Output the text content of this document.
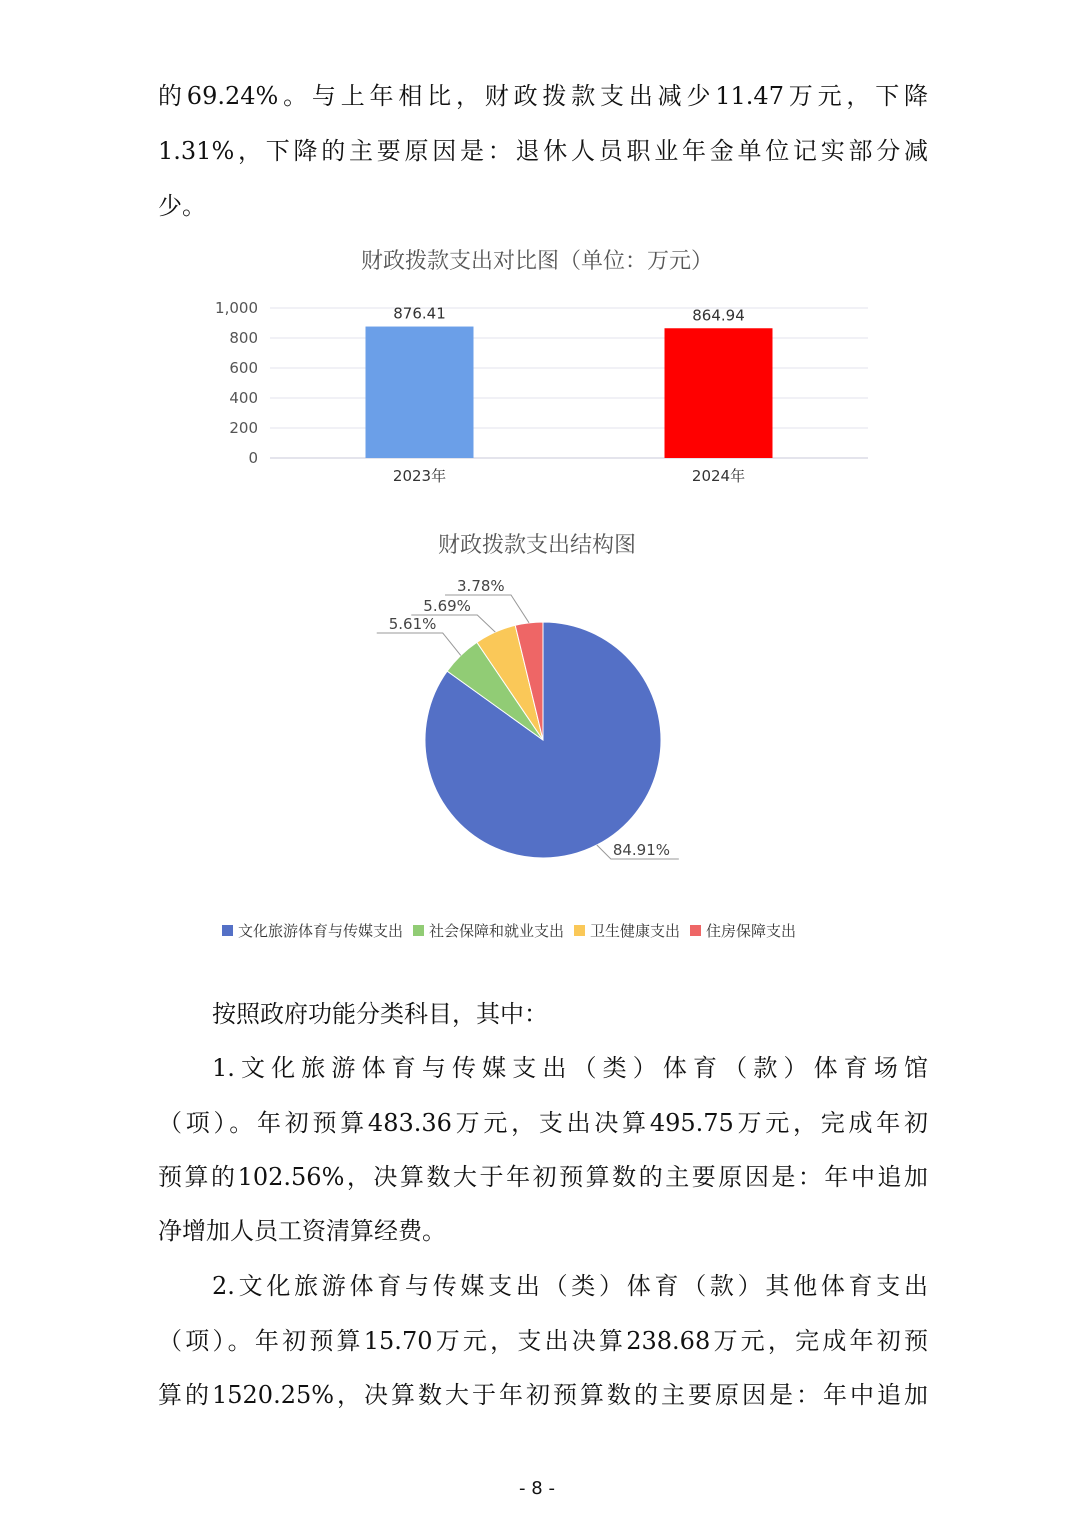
的69.24%。与上年相比，财政拨款支出减少11.47万元，下降
1.31%，下降的主要原因是：退休人员职业年金单位记实部分减
少。
财政拨款支出对比图（单位：万元）
0
200
400
600
800
1,000	876.41
2023年
864.94
2024年
财政拨款支出结构图
84.91%
5.61%
5.69%
3.78%
文化旅游体育与传媒支出 社会保障和就业支出 卫生健康支出 住房保障支出
按照政府功能分类科目，其中：
1.文化旅游体育与传媒支出（类）体育（款）体育场馆
（项）。年初预算483.36万元，支出决算495.75万元，完成年初
预算的102.56%，决算数大于年初预算数的主要原因是：年中追加
净增加人员工资清算经费。
2.文化旅游体育与传媒支出（类）体育（款）其他体育支出
（项）。年初预算15.70万元，支出决算238.68万元，完成年初预
算的1520.25%，决算数大于年初预算数的主要原因是：年中追加
- 8 -
